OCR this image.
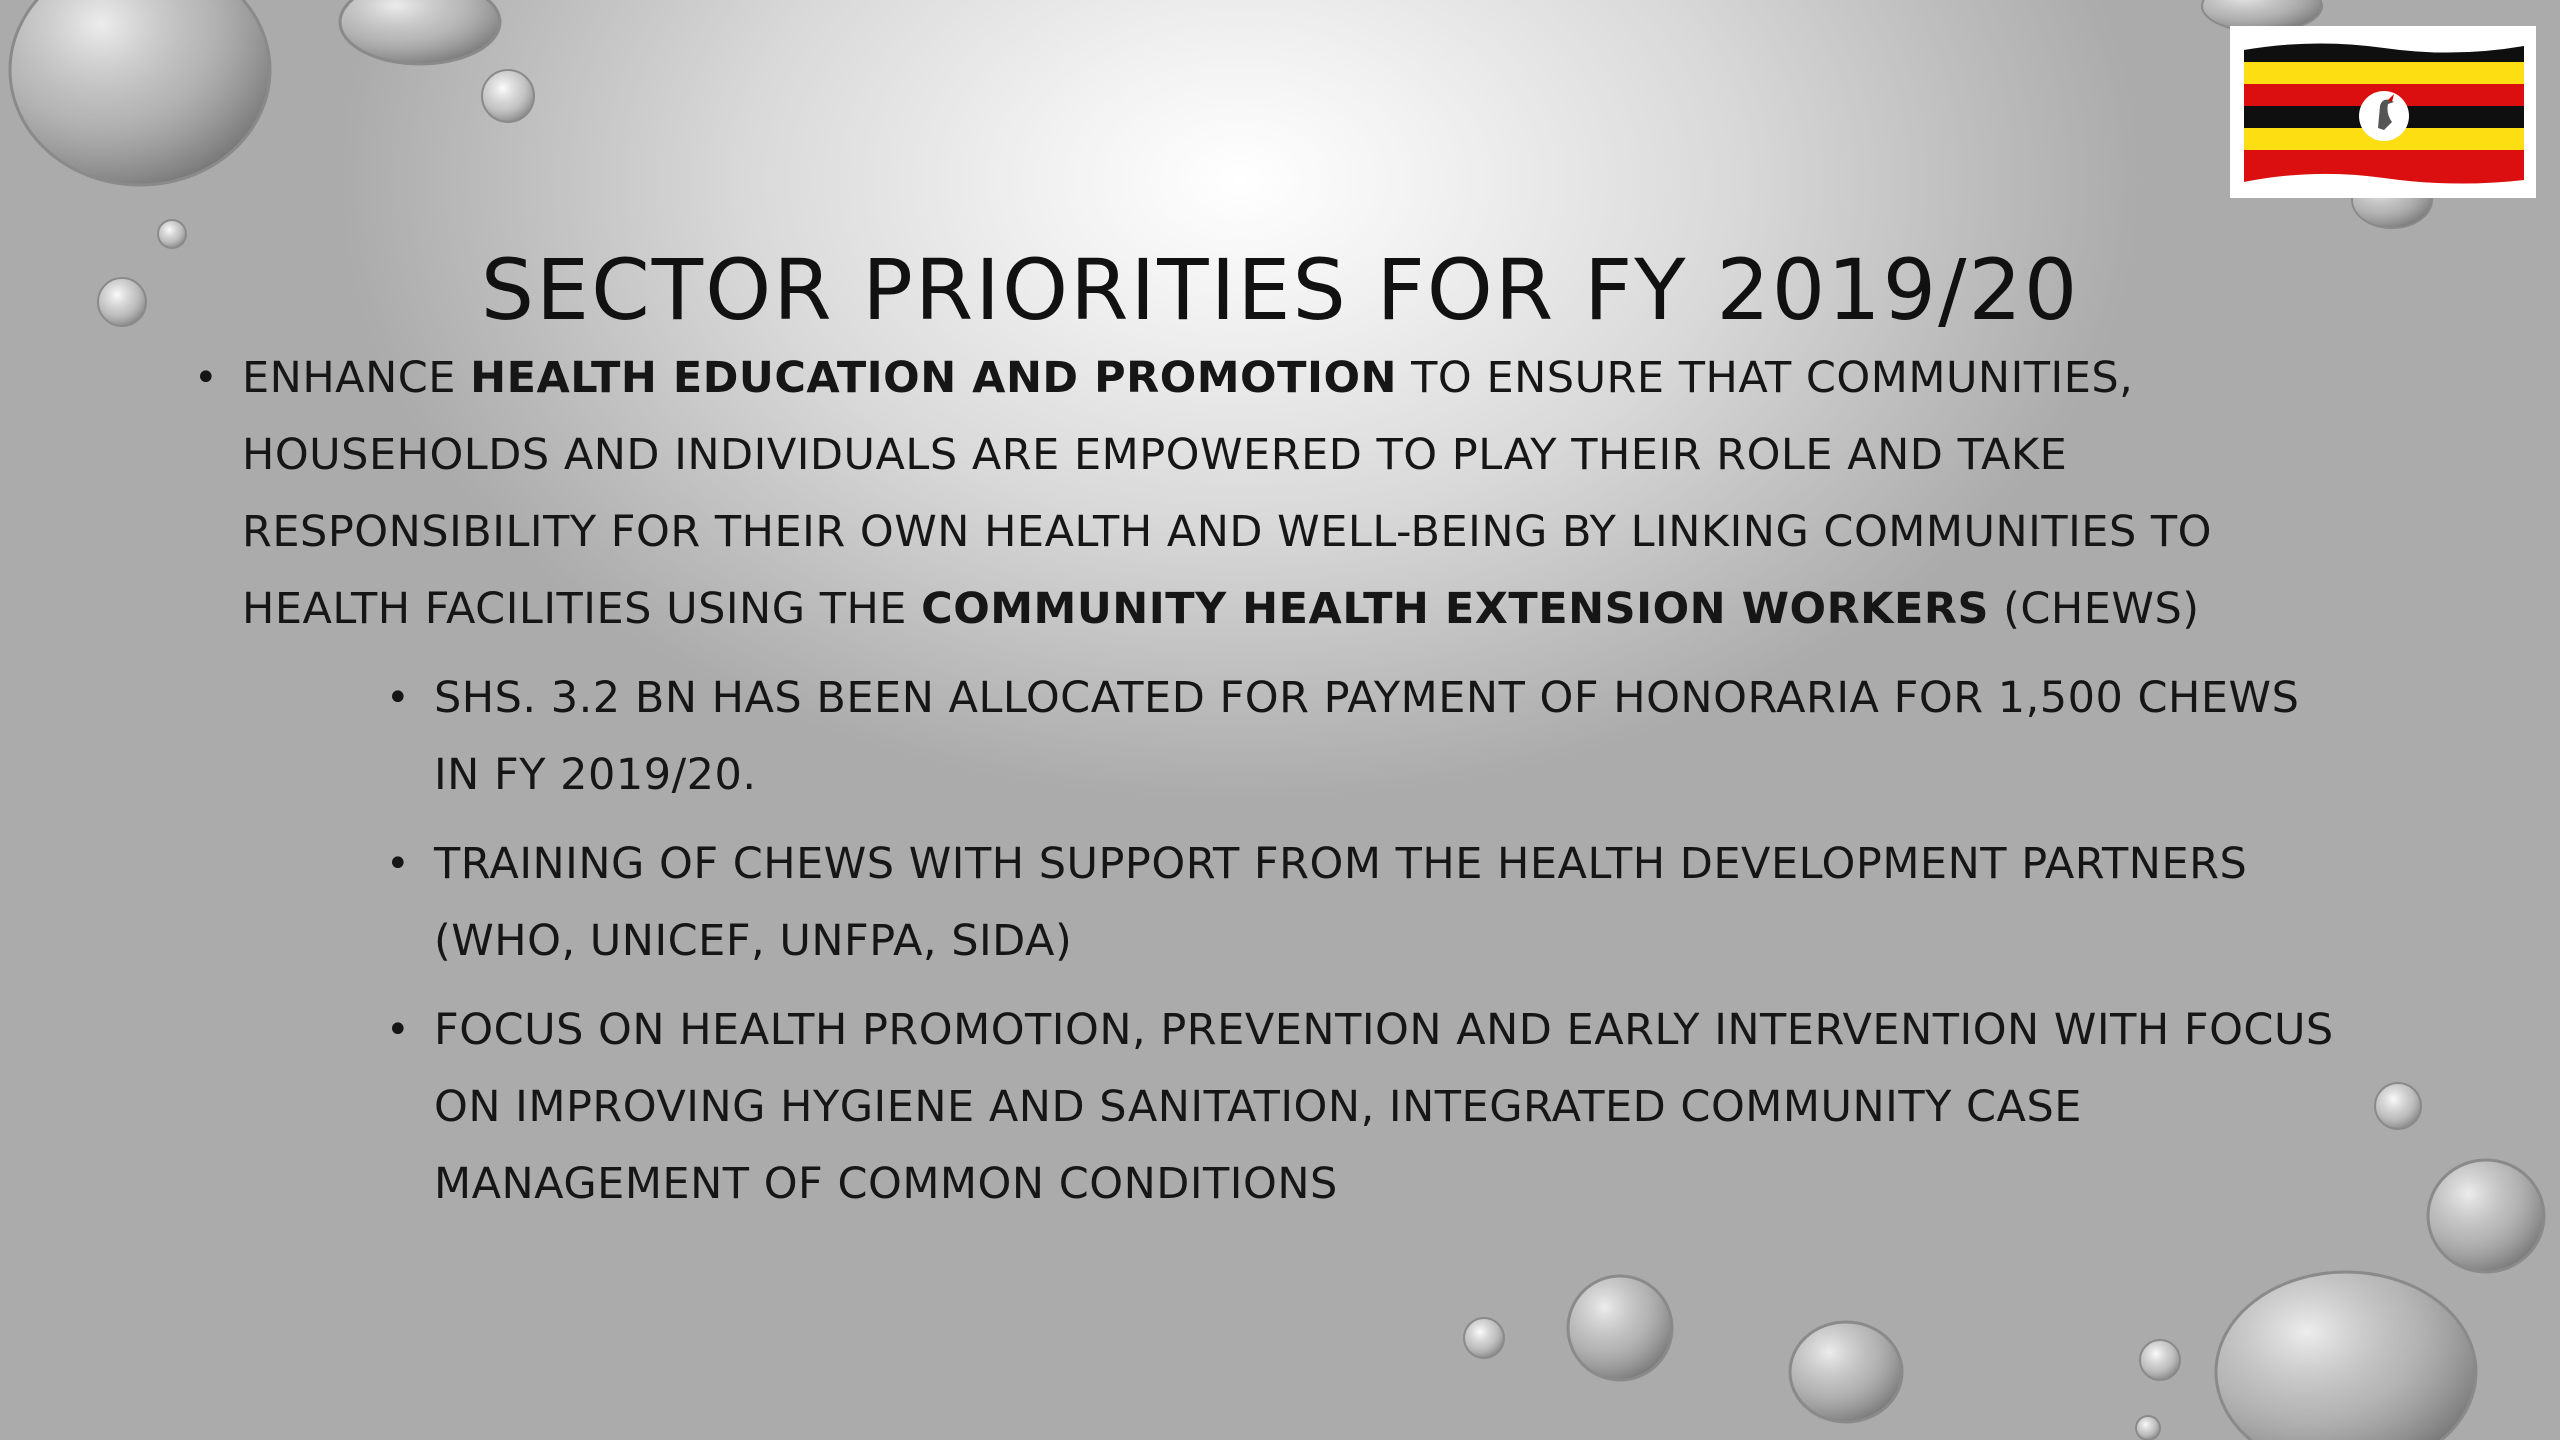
SECTOR PRIORITIES FOR FY 2019/20
• ENHANCE HEALTH EDUCATION AND PROMOTION TO ENSURE THAT COMMUNITIES, HOUSEHOLDS AND INDIVIDUALS ARE EMPOWERED TO PLAY THEIR ROLE AND TAKE RESPONSIBILITY FOR THEIR OWN HEALTH AND WELL-BEING BY LINKING COMMUNITIES TO HEALTH FACILITIES USING THE COMMUNITY HEALTH EXTENSION WORKERS (CHEWS)
• SHS. 3.2 BN HAS BEEN ALLOCATED FOR PAYMENT OF HONORARIA FOR 1,500 CHEWS IN FY 2019/20.
• TRAINING OF CHEWS WITH SUPPORT FROM THE HEALTH DEVELOPMENT PARTNERS (WHO, UNICEF, UNFPA, SIDA)
• FOCUS ON HEALTH PROMOTION, PREVENTION AND EARLY INTERVENTION WITH FOCUS ON IMPROVING HYGIENE AND SANITATION, INTEGRATED COMMUNITY CASE MANAGEMENT OF COMMON CONDITIONS
